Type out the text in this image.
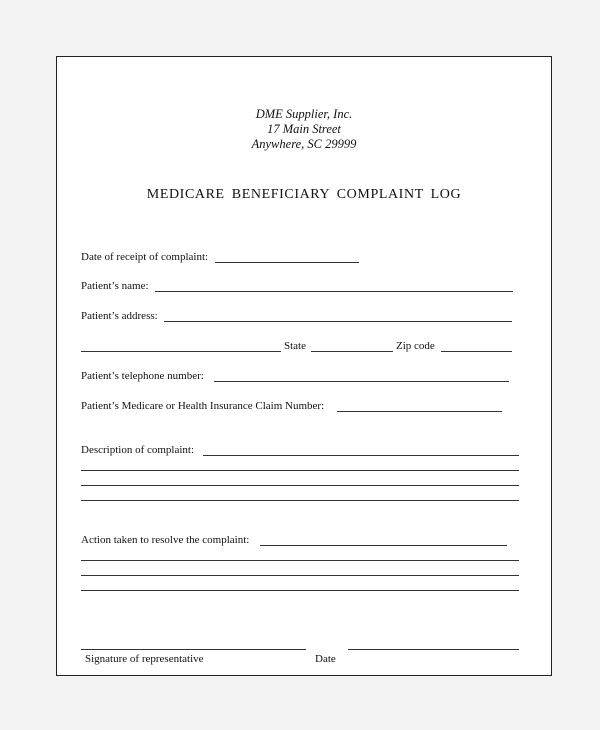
DME Supplier, Inc.
17 Main Street
Anywhere, SC 29999
MEDICARE BENEFICIARY COMPLAINT LOG
Date of receipt of complaint:
Patient’s name:
Patient’s address:
State	Zip code
Patient’s telephone number:
Patient’s Medicare or Health Insurance Claim Number:
Description of complaint:
Action taken to resolve the complaint:
Signature of representative	Date
